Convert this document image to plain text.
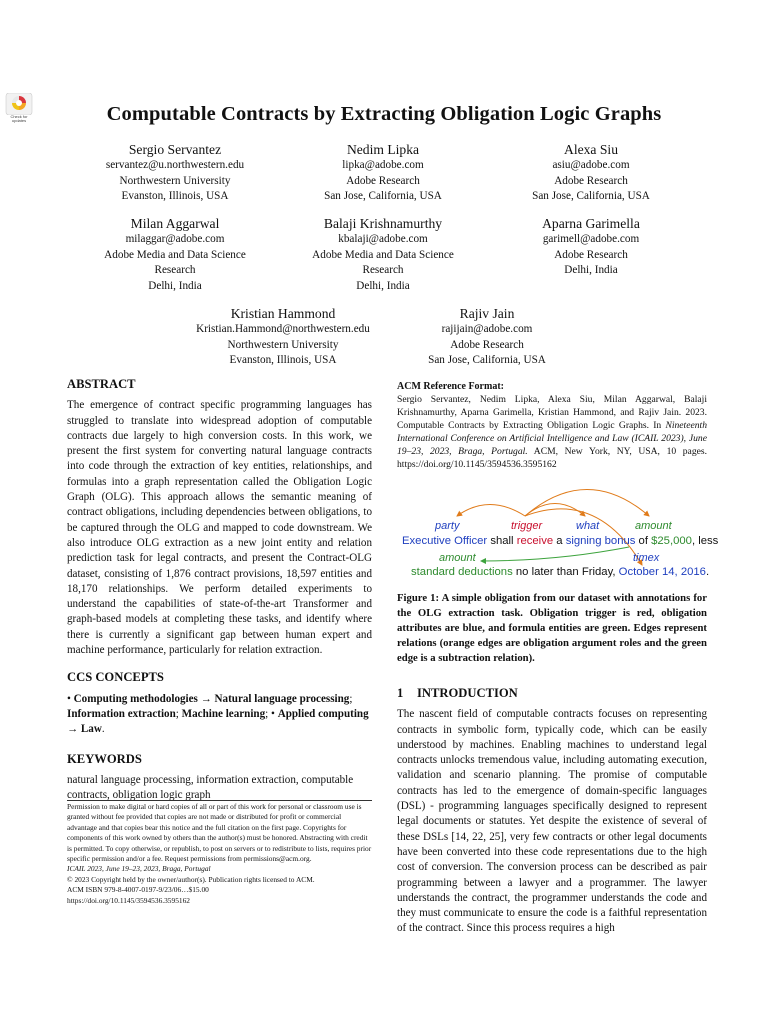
Check for
updates	Computable Contracts by Extracting Obligation Logic Graphs
Sergio Servantez
servantez@u.northwestern.edu
Northwestern University
Evanston, Illinois, USA
Nedim Lipka
lipka@adobe.com
Adobe Research
San Jose, California, USA
Alexa Siu
asiu@adobe.com
Adobe Research
San Jose, California, USA
Milan Aggarwal
milaggar@adobe.com
Adobe Media and Data Science
Research
Delhi, India
Balaji Krishnamurthy
kbalaji@adobe.com
Adobe Media and Data Science
Research
Delhi, India
Aparna Garimella
garimell@adobe.com
Adobe Research
Delhi, India
Kristian Hammond
Kristian.Hammond@northwestern.edu
Northwestern University
Evanston, Illinois, USA
Rajiv Jain
rajijain@adobe.com
Adobe Research
San Jose, California, USA
ABSTRACT

The emergence of contract specific programming languages has struggled to translate into widespread adoption of computable contracts due largely to high conversion costs. In this work, we present the first system for converting natural language contracts into code through the extraction of key entities, relationships, and formulas into a graph representation called the Obligation Logic Graph (OLG). This approach allows the semantic meaning of contract obligations, including dependencies between obligations, to be captured through the OLG and mapped to code downstream. We also introduce OLG extraction as a new joint entity and relation prediction task for legal contracts, and present the Contract-OLG dataset, consisting of 1,876 contract provisions, 18,597 entities and 18,170 relationships. We perform detailed experiments to understand the capabilities of state-of-the-art Transformer and graph-based models at completing these tasks, and identify where there is currently a significant gap between human expert and machine performance, particularly for relation extraction.

CCS CONCEPTS

• Computing methodologies → Natural language processing; Information extraction; Machine learning; • Applied computing → Law.

KEYWORDS

natural language processing, information extraction, computable contracts, obligation logic graph

Permission to make digital or hard copies of all or part of this work for personal or classroom use is granted without fee provided that copies are not made or distributed for profit or commercial advantage and that copies bear this notice and the full citation on the first page. Copyrights for components of this work owned by others than the author(s) must be honored. Abstracting with credit is permitted. To copy otherwise, or republish, to post on servers or to redistribute to lists, requires prior specific permission and/or a fee. Request permissions from permissions@acm.org.
ICAIL 2023, June 19–23, 2023, Braga, Portugal
© 2023 Copyright held by the owner/author(s). Publication rights licensed to ACM.
ACM ISBN 979-8-4007-0197-9/23/06…$15.00
https://doi.org/10.1145/3594536.3595162
ACM Reference Format:
Sergio Servantez, Nedim Lipka, Alexa Siu, Milan Aggarwal, Balaji Krishnamurthy, Aparna Garimella, Kristian Hammond, and Rajiv Jain. 2023. Computable Contracts by Extracting Obligation Logic Graphs. In Nineteenth International Conference on Artificial Intelligence and Law (ICAIL 2023), June 19–23, 2023, Braga, Portugal. ACM, New York, NY, USA, 10 pages. https://doi.org/10.1145/3594536.3595162
party	trigger	what	amount
Executive Officer shall receive a signing bonus of $25,000, less
amount	timex
standard deductions no later than Friday, October 14, 2016.
Figure 1: A simple obligation from our dataset with annotations for the OLG extraction task. Obligation trigger is red, obligation attributes are blue, and formula entities are green. Edges represent relations (orange edges are obligation argument roles and the green edge is a subtraction relation).
1 INTRODUCTION

The nascent field of computable contracts focuses on representing contracts in symbolic form, typically code, which can be easily understood by machines. Enabling machines to understand legal contracts unlocks tremendous value, including automating execution, validation and scenario planning. The promise of computable contracts has led to the emergence of domain-specific languages (DSL) - programming languages specifically designed to represent legal documents or statutes. Yet despite the existence of several of these DSLs [14, 22, 25], very few contracts or other legal documents have been converted into these code representations due to the high cost of conversion. The conversion process can be described as pair programming between a lawyer and a programmer. The lawyer understands the contract, the programmer understands the code and they must communicate to ensure the code is a faithful representation of the contract. Since this process requires a high
